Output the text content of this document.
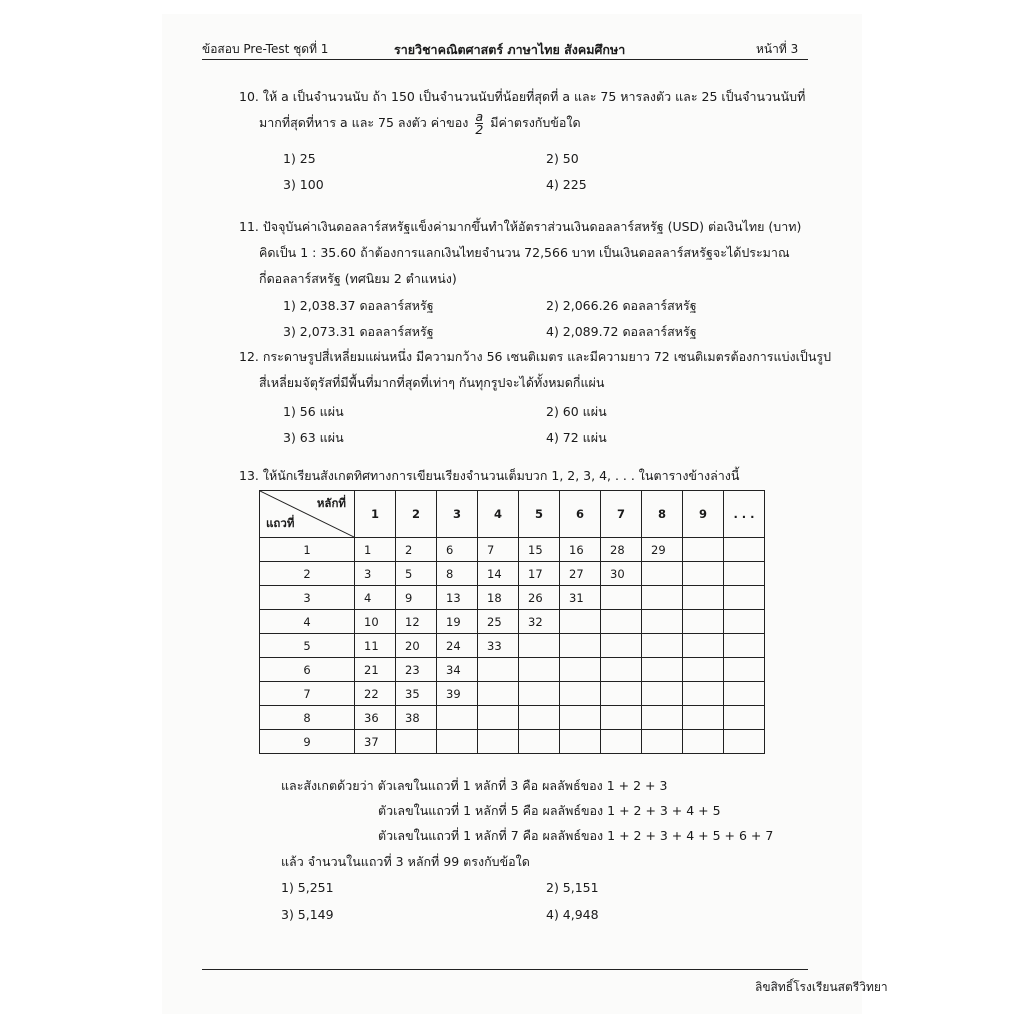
ข้อสอบ Pre-Test ชุดที่ 1	รายวิชาคณิตศาสตร์ ภาษาไทย สังคมศึกษา	หน้าที่ 3
10. ให้ a เป็นจำนวนนับ ถ้า 150 เป็นจำนวนนับที่น้อยที่สุดที่ a และ 75 หารลงตัว และ 25 เป็นจำนวนนับที่
มากที่สุดที่หาร a และ 75 ลงตัว ค่าของ $\frac{a}{2}$ มีค่าตรงกับข้อใด
1) 25	2) 50
3) 100	4) 225
11. ปัจจุบันค่าเงินดอลลาร์สหรัฐแข็งค่ามากขึ้นทำให้อัตราส่วนเงินดอลลาร์สหรัฐ (USD) ต่อเงินไทย (บาท)
คิดเป็น 1 : 35.60 ถ้าต้องการแลกเงินไทยจำนวน 72,566 บาท เป็นเงินดอลลาร์สหรัฐจะได้ประมาณ
กี่ดอลลาร์สหรัฐ (ทศนิยม 2 ตำแหน่ง)
1) 2,038.37 ดอลลาร์สหรัฐ	2) 2,066.26 ดอลลาร์สหรัฐ
3) 2,073.31 ดอลลาร์สหรัฐ	4) 2,089.72 ดอลลาร์สหรัฐ
12. กระดาษรูปสี่เหลี่ยมแผ่นหนึ่ง มีความกว้าง 56 เซนติเมตร และมีความยาว 72 เซนติเมตรต้องการแบ่งเป็นรูป
สี่เหลี่ยมจัตุรัสที่มีพื้นที่มากที่สุดที่เท่าๆ กันทุกรูปจะได้ทั้งหมดกี่แผ่น
1) 56 แผ่น	2) 60 แผ่น
3) 63 แผ่น	4) 72 แผ่น
13. ให้นักเรียนสังเกตทิศทางการเขียนเรียงจำนวนเต็มบวก 1, 2, 3, 4, . . . ในตารางข้างล่างนี้
หลักที่
แถวที่	1	2	3	4	5	6	7	8	9	. . .
1	1	2	6	7	15	16	28	29		
2	3	5	8	14	17	27	30			
3	4	9	13	18	26	31				
4	10	12	19	25	32					
5	11	20	24	33						
6	21	23	34							
7	22	35	39							
8	36	38								
9	37									
และสังเกตด้วยว่า ตัวเลขในแถวที่ 1 หลักที่ 3 คือ ผลลัพธ์ของ 1 + 2 + 3
ตัวเลขในแถวที่ 1 หลักที่ 5 คือ ผลลัพธ์ของ 1 + 2 + 3 + 4 + 5
ตัวเลขในแถวที่ 1 หลักที่ 7 คือ ผลลัพธ์ของ 1 + 2 + 3 + 4 + 5 + 6 + 7
แล้ว จำนวนในแถวที่ 3 หลักที่ 99 ตรงกับข้อใด
1) 5,251	2) 5,151
3) 5,149	4) 4,948
ลิขสิทธิ์โรงเรียนสตรีวิทยา
